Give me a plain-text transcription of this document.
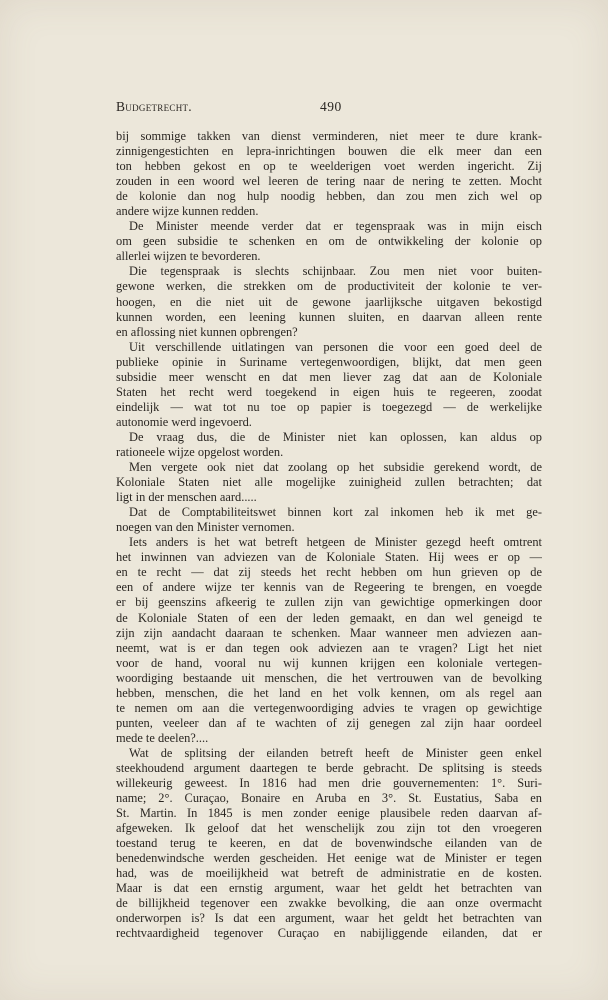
Budgetrecht.	490
bij sommige takken van dienst verminderen, niet meer te dure krank-
zinnigengestichten en lepra-inrichtingen bouwen die elk meer dan een
ton hebben gekost en op te weelderigen voet werden ingericht. Zij
zouden in een woord wel leeren de tering naar de nering te zetten. Mocht
de kolonie dan nog hulp noodig hebben, dan zou men zich wel op
andere wijze kunnen redden.
De Minister meende verder dat er tegenspraak was in mijn eisch
om geen subsidie te schenken en om de ontwikkeling der kolonie op
allerlei wijzen te bevorderen.
Die tegenspraak is slechts schijnbaar. Zou men niet voor buiten-
gewone werken, die strekken om de productiviteit der kolonie te ver-
hoogen, en die niet uit de gewone jaarlijksche uitgaven bekostigd
kunnen worden, een leening kunnen sluiten, en daarvan alleen rente
en aflossing niet kunnen opbrengen?
Uit verschillende uitlatingen van personen die voor een goed deel de
publieke opinie in Suriname vertegenwoordigen, blijkt, dat men geen
subsidie meer wenscht en dat men liever zag dat aan de Koloniale
Staten het recht werd toegekend in eigen huis te regeeren, zoodat
eindelijk — wat tot nu toe op papier is toegezegd — de werkelijke
autonomie werd ingevoerd.
De vraag dus, die de Minister niet kan oplossen, kan aldus op
rationeele wijze opgelost worden.
Men vergete ook niet dat zoolang op het subsidie gerekend wordt, de
Koloniale Staten niet alle mogelijke zuinigheid zullen betrachten; dat
ligt in der menschen aard.....
Dat de Comptabiliteitswet binnen kort zal inkomen heb ik met ge-
noegen van den Minister vernomen.
Iets anders is het wat betreft hetgeen de Minister gezegd heeft omtrent
het inwinnen van adviezen van de Koloniale Staten. Hij wees er op —
en te recht — dat zij steeds het recht hebben om hun grieven op de
een of andere wijze ter kennis van de Regeering te brengen, en voegde
er bij geenszins afkeerig te zullen zijn van gewichtige opmerkingen door
de Koloniale Staten of een der leden gemaakt, en dan wel geneigd te
zijn zijn aandacht daaraan te schenken. Maar wanneer men adviezen aan-
neemt, wat is er dan tegen ook adviezen aan te vragen? Ligt het niet
voor de hand, vooral nu wij kunnen krijgen een koloniale vertegen-
woordiging bestaande uit menschen, die het vertrouwen van de bevolking
hebben, menschen, die het land en het volk kennen, om als regel aan
te nemen om aan die vertegenwoordiging advies te vragen op gewichtige
punten, veeleer dan af te wachten of zij genegen zal zijn haar oordeel
mede te deelen?....
Wat de splitsing der eilanden betreft heeft de Minister geen enkel
steekhoudend argument daartegen te berde gebracht. De splitsing is steeds
willekeurig geweest. In 1816 had men drie gouvernementen: 1°. Suri-
name; 2°. Curaçao, Bonaire en Aruba en 3°. St. Eustatius, Saba en
St. Martin. In 1845 is men zonder eenige plausibele reden daarvan af-
afgeweken. Ik geloof dat het wenschelijk zou zijn tot den vroegeren
toestand terug te keeren, en dat de bovenwindsche eilanden van de
benedenwindsche werden gescheiden. Het eenige wat de Minister er tegen
had, was de moeilijkheid wat betreft de administratie en de kosten.
Maar is dat een ernstig argument, waar het geldt het betrachten van
de billijkheid tegenover een zwakke bevolking, die aan onze overmacht
onderworpen is? Is dat een argument, waar het geldt het betrachten van
rechtvaardigheid tegenover Curaçao en nabijliggende eilanden, dat er
